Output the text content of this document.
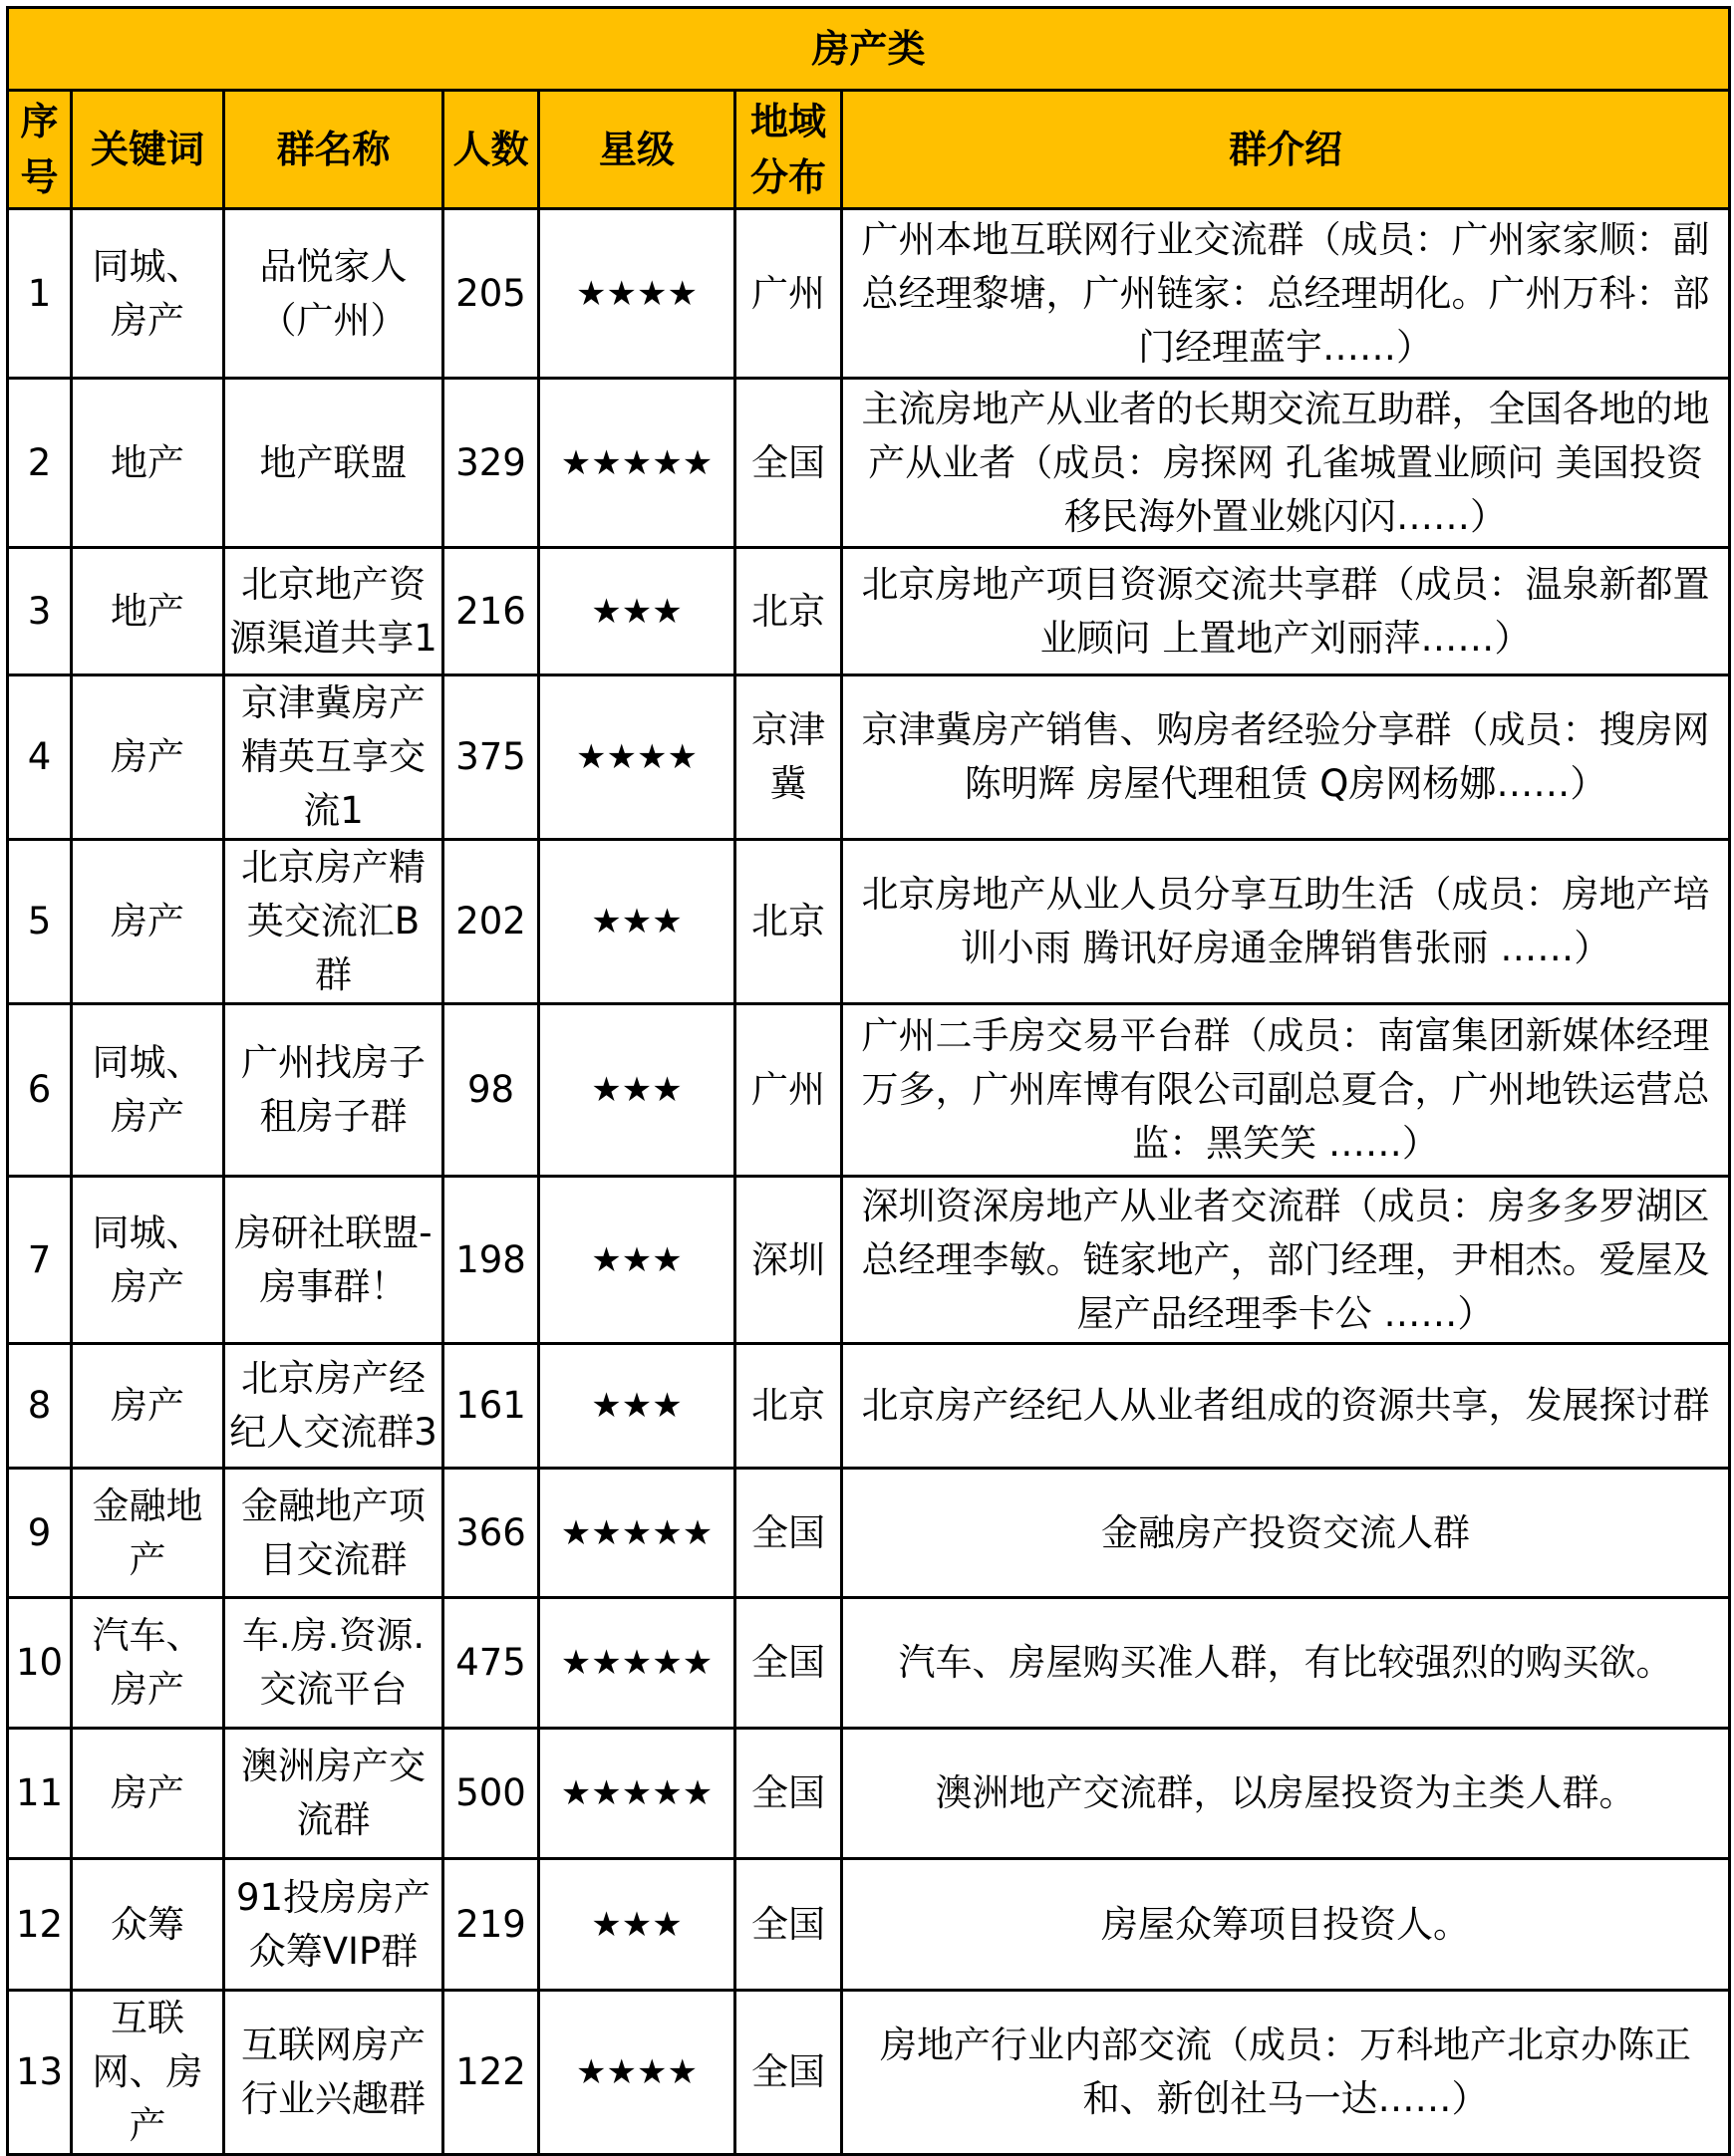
房产类						
序号	关键词	群名称	人数	星级	地域分布	群介绍
1	同城、房产	品悦家人（广州）	205	★★★★	广州	广州本地互联网行业交流群（成员：广州家家顺：副总经理黎塘，广州链家：总经理胡化。广州万科：部门经理蓝宇……）
2	地产	地产联盟	329	★★★★★	全国	主流房地产从业者的长期交流互助群，全国各地的地产从业者（成员：房探网 孔雀城置业顾问 美国投资移民海外置业姚闪闪……）
3	地产	北京地产资源渠道共享1	216	★★★	北京	北京房地产项目资源交流共享群（成员：温泉新都置业顾问 上置地产刘丽萍……）
4	房产	京津冀房产精英互享交流1	375	★★★★	京津冀	京津冀房产销售、购房者经验分享群（成员：搜房网陈明辉 房屋代理租赁 Q房网杨娜……）
5	房产	北京房产精英交流汇B群	202	★★★	北京	北京房地产从业人员分享互助生活（成员：房地产培训小雨 腾讯好房通金牌销售张丽 ……）
6	同城、房产	广州找房子租房子群	98	★★★	广州	广州二手房交易平台群（成员：南富集团新媒体经理万多，广州库博有限公司副总夏合，广州地铁运营总监：黑笑笑 ……）
7	同城、房产	房研社联盟-房事群！	198	★★★	深圳	深圳资深房地产从业者交流群（成员：房多多罗湖区总经理李敏。链家地产，部门经理，尹相杰。爱屋及屋产品经理季卡公 ……）
8	房产	北京房产经纪人交流群3	161	★★★	北京	北京房产经纪人从业者组成的资源共享，发展探讨群
9	金融地产	金融地产项目交流群	366	★★★★★	全国	金融房产投资交流人群
10	汽车、房产	车.房.资源.交流平台	475	★★★★★	全国	汽车、房屋购买准人群，有比较强烈的购买欲。
11	房产	澳洲房产交流群	500	★★★★★	全国	澳洲地产交流群，以房屋投资为主类人群。
12	众筹	91投房房产众筹VIP群	219	★★★	全国	房屋众筹项目投资人。
13	互联网、房产	互联网房产行业兴趣群	122	★★★★	全国	房地产行业内部交流（成员：万科地产北京办陈正和、新创社马一达……）
